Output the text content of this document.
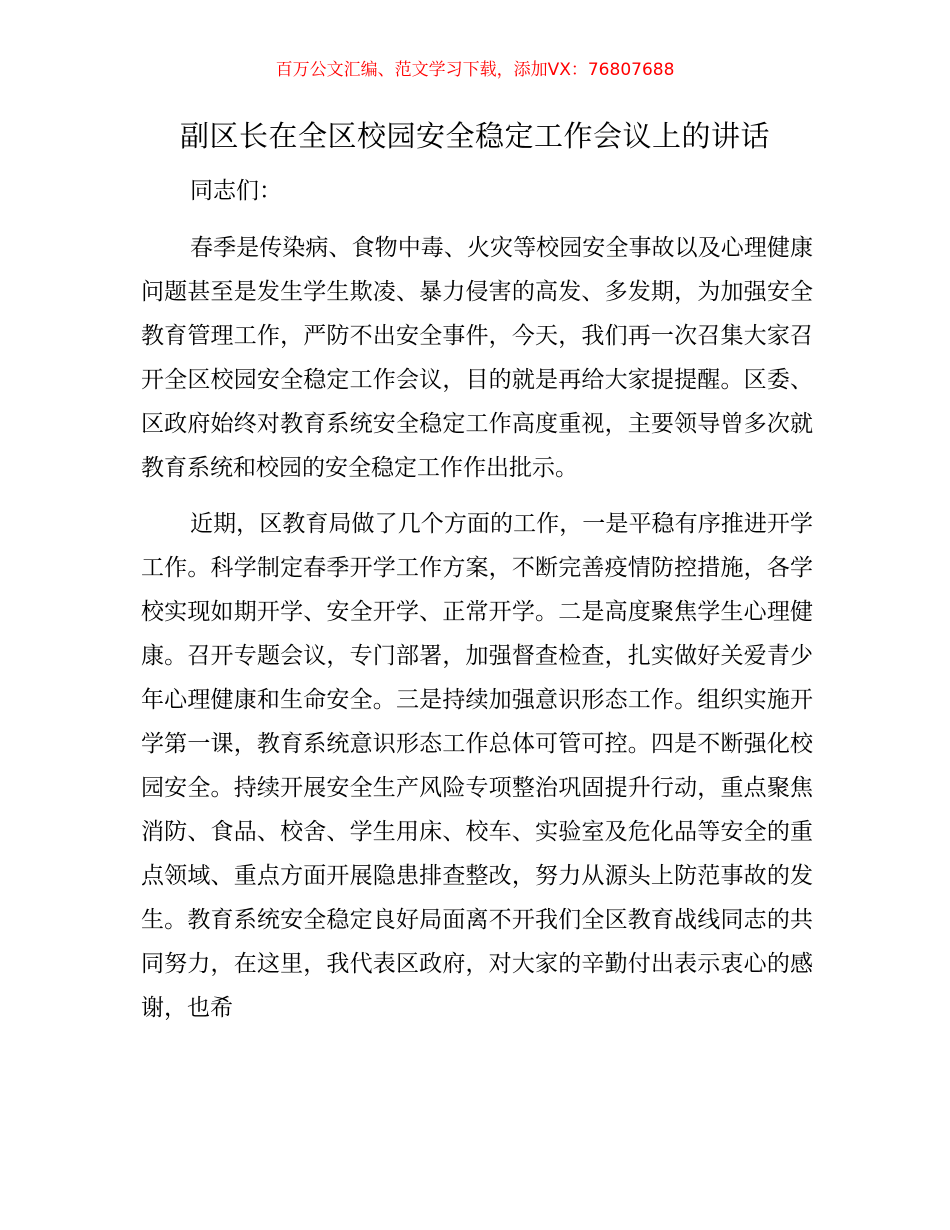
百万公文汇编、范文学习下载，添加VX：76807688
副区长在全区校园安全稳定工作会议上的讲话

同志们：

春季是传染病、食物中毒、火灾等校园安全事故以及心理健康问题甚至是发生学生欺凌、暴力侵害的高发、多发期，为加强安全教育管理工作，严防不出安全事件，今天，我们再一次召集大家召开全区校园安全稳定工作会议，目的就是再给大家提提醒。区委、区政府始终对教育系统安全稳定工作高度重视，主要领导曾多次就教育系统和校园的安全稳定工作作出批示。

近期，区教育局做了几个方面的工作，一是平稳有序推进开学工作。科学制定春季开学工作方案，不断完善疫情防控措施，各学校实现如期开学、安全开学、正常开学。二是高度聚焦学生心理健康。召开专题会议，专门部署，加强督查检查，扎实做好关爱青少年心理健康和生命安全。三是持续加强意识形态工作。组织实施开学第一课，教育系统意识形态工作总体可管可控。四是不断强化校园安全。持续开展安全生产风险专项整治巩固提升行动，重点聚焦消防、食品、校舍、学生用床、校车、实验室及危化品等安全的重点领域、重点方面开展隐患排查整改，努力从源头上防范事故的发生。教育系统安全稳定良好局面离不开我们全区教育战线同志的共同努力，在这里，我代表区政府，对大家的辛勤付出表示衷心的感谢，也希
